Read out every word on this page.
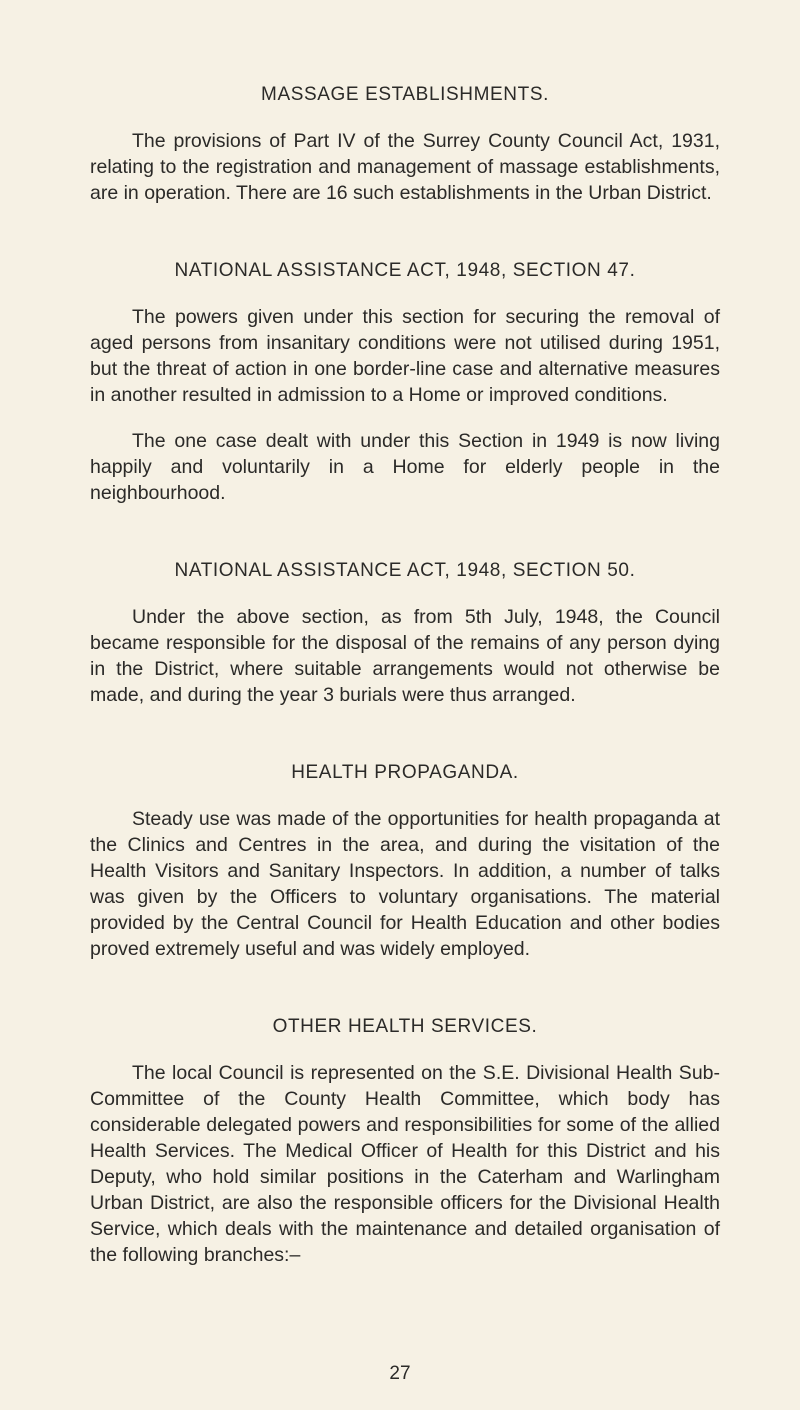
MASSAGE ESTABLISHMENTS.

The provisions of Part IV of the Surrey County Council Act, 1931, relating to the registration and management of massage establishments, are in operation. There are 16 such establishments in the Urban District.

NATIONAL ASSISTANCE ACT, 1948, SECTION 47.

The powers given under this section for securing the removal of aged persons from insanitary conditions were not utilised during 1951, but the threat of action in one border-line case and alternative measures in another resulted in admission to a Home or improved conditions.

The one case dealt with under this Section in 1949 is now living happily and voluntarily in a Home for elderly people in the neighbourhood.

NATIONAL ASSISTANCE ACT, 1948, SECTION 50.

Under the above section, as from 5th July, 1948, the Council became responsible for the disposal of the remains of any person dying in the District, where suitable arrangements would not otherwise be made, and during the year 3 burials were thus arranged.

HEALTH PROPAGANDA.

Steady use was made of the opportunities for health propaganda at the Clinics and Centres in the area, and during the visitation of the Health Visitors and Sanitary Inspectors. In addition, a number of talks was given by the Officers to voluntary organisations. The material provided by the Central Council for Health Education and other bodies proved extremely useful and was widely employed.

OTHER HEALTH SERVICES.

The local Council is represented on the S.E. Divisional Health Sub-Committee of the County Health Committee, which body has considerable delegated powers and responsibilities for some of the allied Health Services. The Medical Officer of Health for this District and his Deputy, who hold similar positions in the Caterham and Warlingham Urban District, are also the responsible officers for the Divisional Health Service, which deals with the maintenance and detailed organisation of the following branches:–

27
